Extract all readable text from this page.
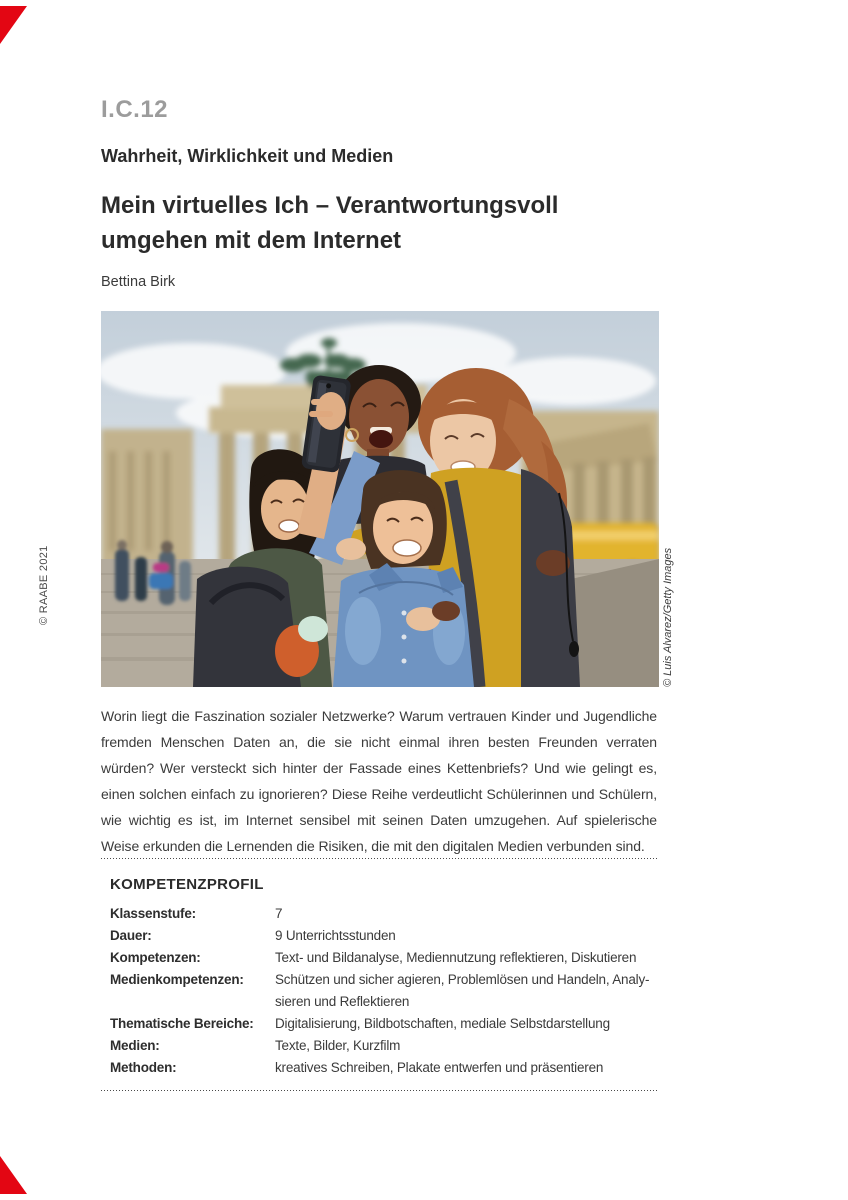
© RAABE 2021
I.C.12
Wahrheit, Wirklichkeit und Medien
Mein virtuelles Ich – Verantwortungsvoll
umgehen mit dem Internet
Bettina Birk
© Luis Alvarez/Getty Images

Worin liegt die Faszination sozialer Netzwerke? Warum vertrauen Kinder und Jugendliche fremden Menschen Daten an, die sie nicht einmal ihren besten Freunden verraten würden? Wer versteckt sich hinter der Fassade eines Kettenbriefs? Und wie gelingt es, einen solchen einfach zu ignorieren? Diese Reihe verdeutlicht Schülerinnen und Schülern, wie wichtig es ist, im Internet sensibel mit seinen Daten umzugehen. Auf spielerische Weise erkunden die Lernenden die Risiken, die mit den digitalen Medien verbunden sind.

KOMPETENZPROFIL
Klassenstufe:	7
Dauer:	9 Unterrichtsstunden
Kompetenzen:	Text- und Bildanalyse, Mediennutzung reflektieren, Diskutieren
Medienkompetenzen:	Schützen und sicher agieren, Problemlösen und Handeln, Analysieren und Reflektieren
Thematische Bereiche:	Digitalisierung, Bildbotschaften, mediale Selbstdarstellung
Medien:	Texte, Bilder, Kurzfilm
Methoden:	kreatives Schreiben, Plakate entwerfen und präsentieren
